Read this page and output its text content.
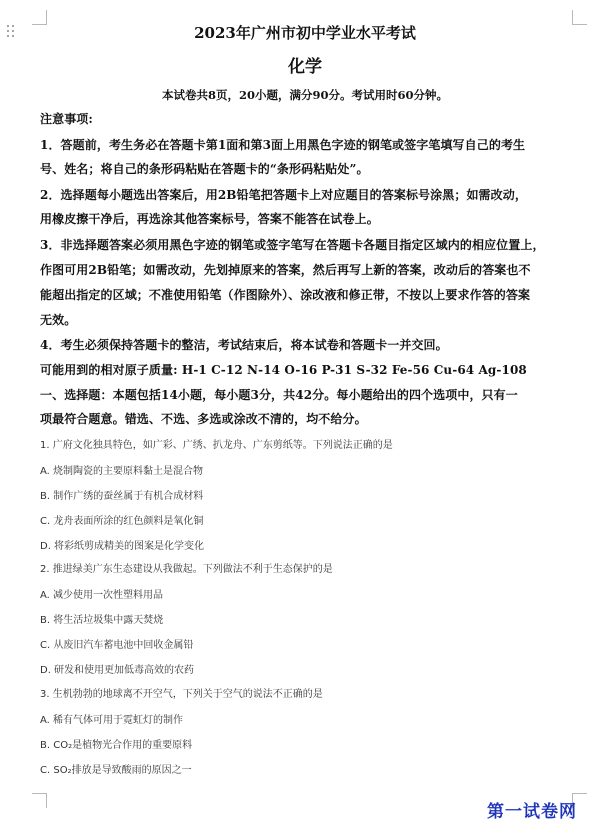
2023年广州市初中学业水平考试
化学
本试卷共8页，20小题，满分90分。考试用时60分钟。
注意事项:
1．答题前，考生务必在答题卡第1面和第3面上用黑色字迹的钢笔或签字笔填写自己的考生
号、姓名；将自己的条形码粘贴在答题卡的“条形码粘贴处”。
2．选择题每小题选出答案后，用2B铅笔把答题卡上对应题目的答案标号涂黑；如需改动，
用橡皮擦干净后，再选涂其他答案标号，答案不能答在试卷上。
3．非选择题答案必须用黑色字迹的钢笔或签字笔写在答题卡各题目指定区域内的相应位置上，
作图可用2B铅笔；如需改动，先划掉原来的答案，然后再写上新的答案，改动后的答案也不
能超出指定的区域；不准使用铅笔（作图除外）、涂改液和修正带，不按以上要求作答的答案
无效。
4．考生必须保持答题卡的整洁，考试结束后，将本试卷和答题卡一并交回。
可能用到的相对原子质量: H-1 C-12 N-14 O-16 P-31 S-32 Fe-56 Cu-64 Ag-108
一、选择题：本题包括14小题，每小题3分，共42分。每小题给出的四个选项中，只有一
项最符合题意。错选、不选、多选或涂改不清的，均不给分。
1. 广府文化独具特色，如广彩、广绣、扒龙舟、广东剪纸等。下列说法正确的是
A. 烧制陶瓷的主要原料黏土是混合物
B. 制作广绣的蚕丝属于有机合成材料
C. 龙舟表面所涂的红色颜料是氧化铜
D. 将彩纸剪成精美的图案是化学变化
2. 推进绿美广东生态建设从我做起。下列做法不利于生态保护的是
A. 减少使用一次性塑料用品
B. 将生活垃圾集中露天焚烧
C. 从废旧汽车蓄电池中回收金属铅
D. 研发和使用更加低毒高效的农药
3. 生机勃勃的地球离不开空气，下列关于空气的说法不正确的是
A. 稀有气体可用于霓虹灯的制作
B. CO₂是植物光合作用的重要原料
C. SO₂排放是导致酸雨的原因之一
第一试卷网
